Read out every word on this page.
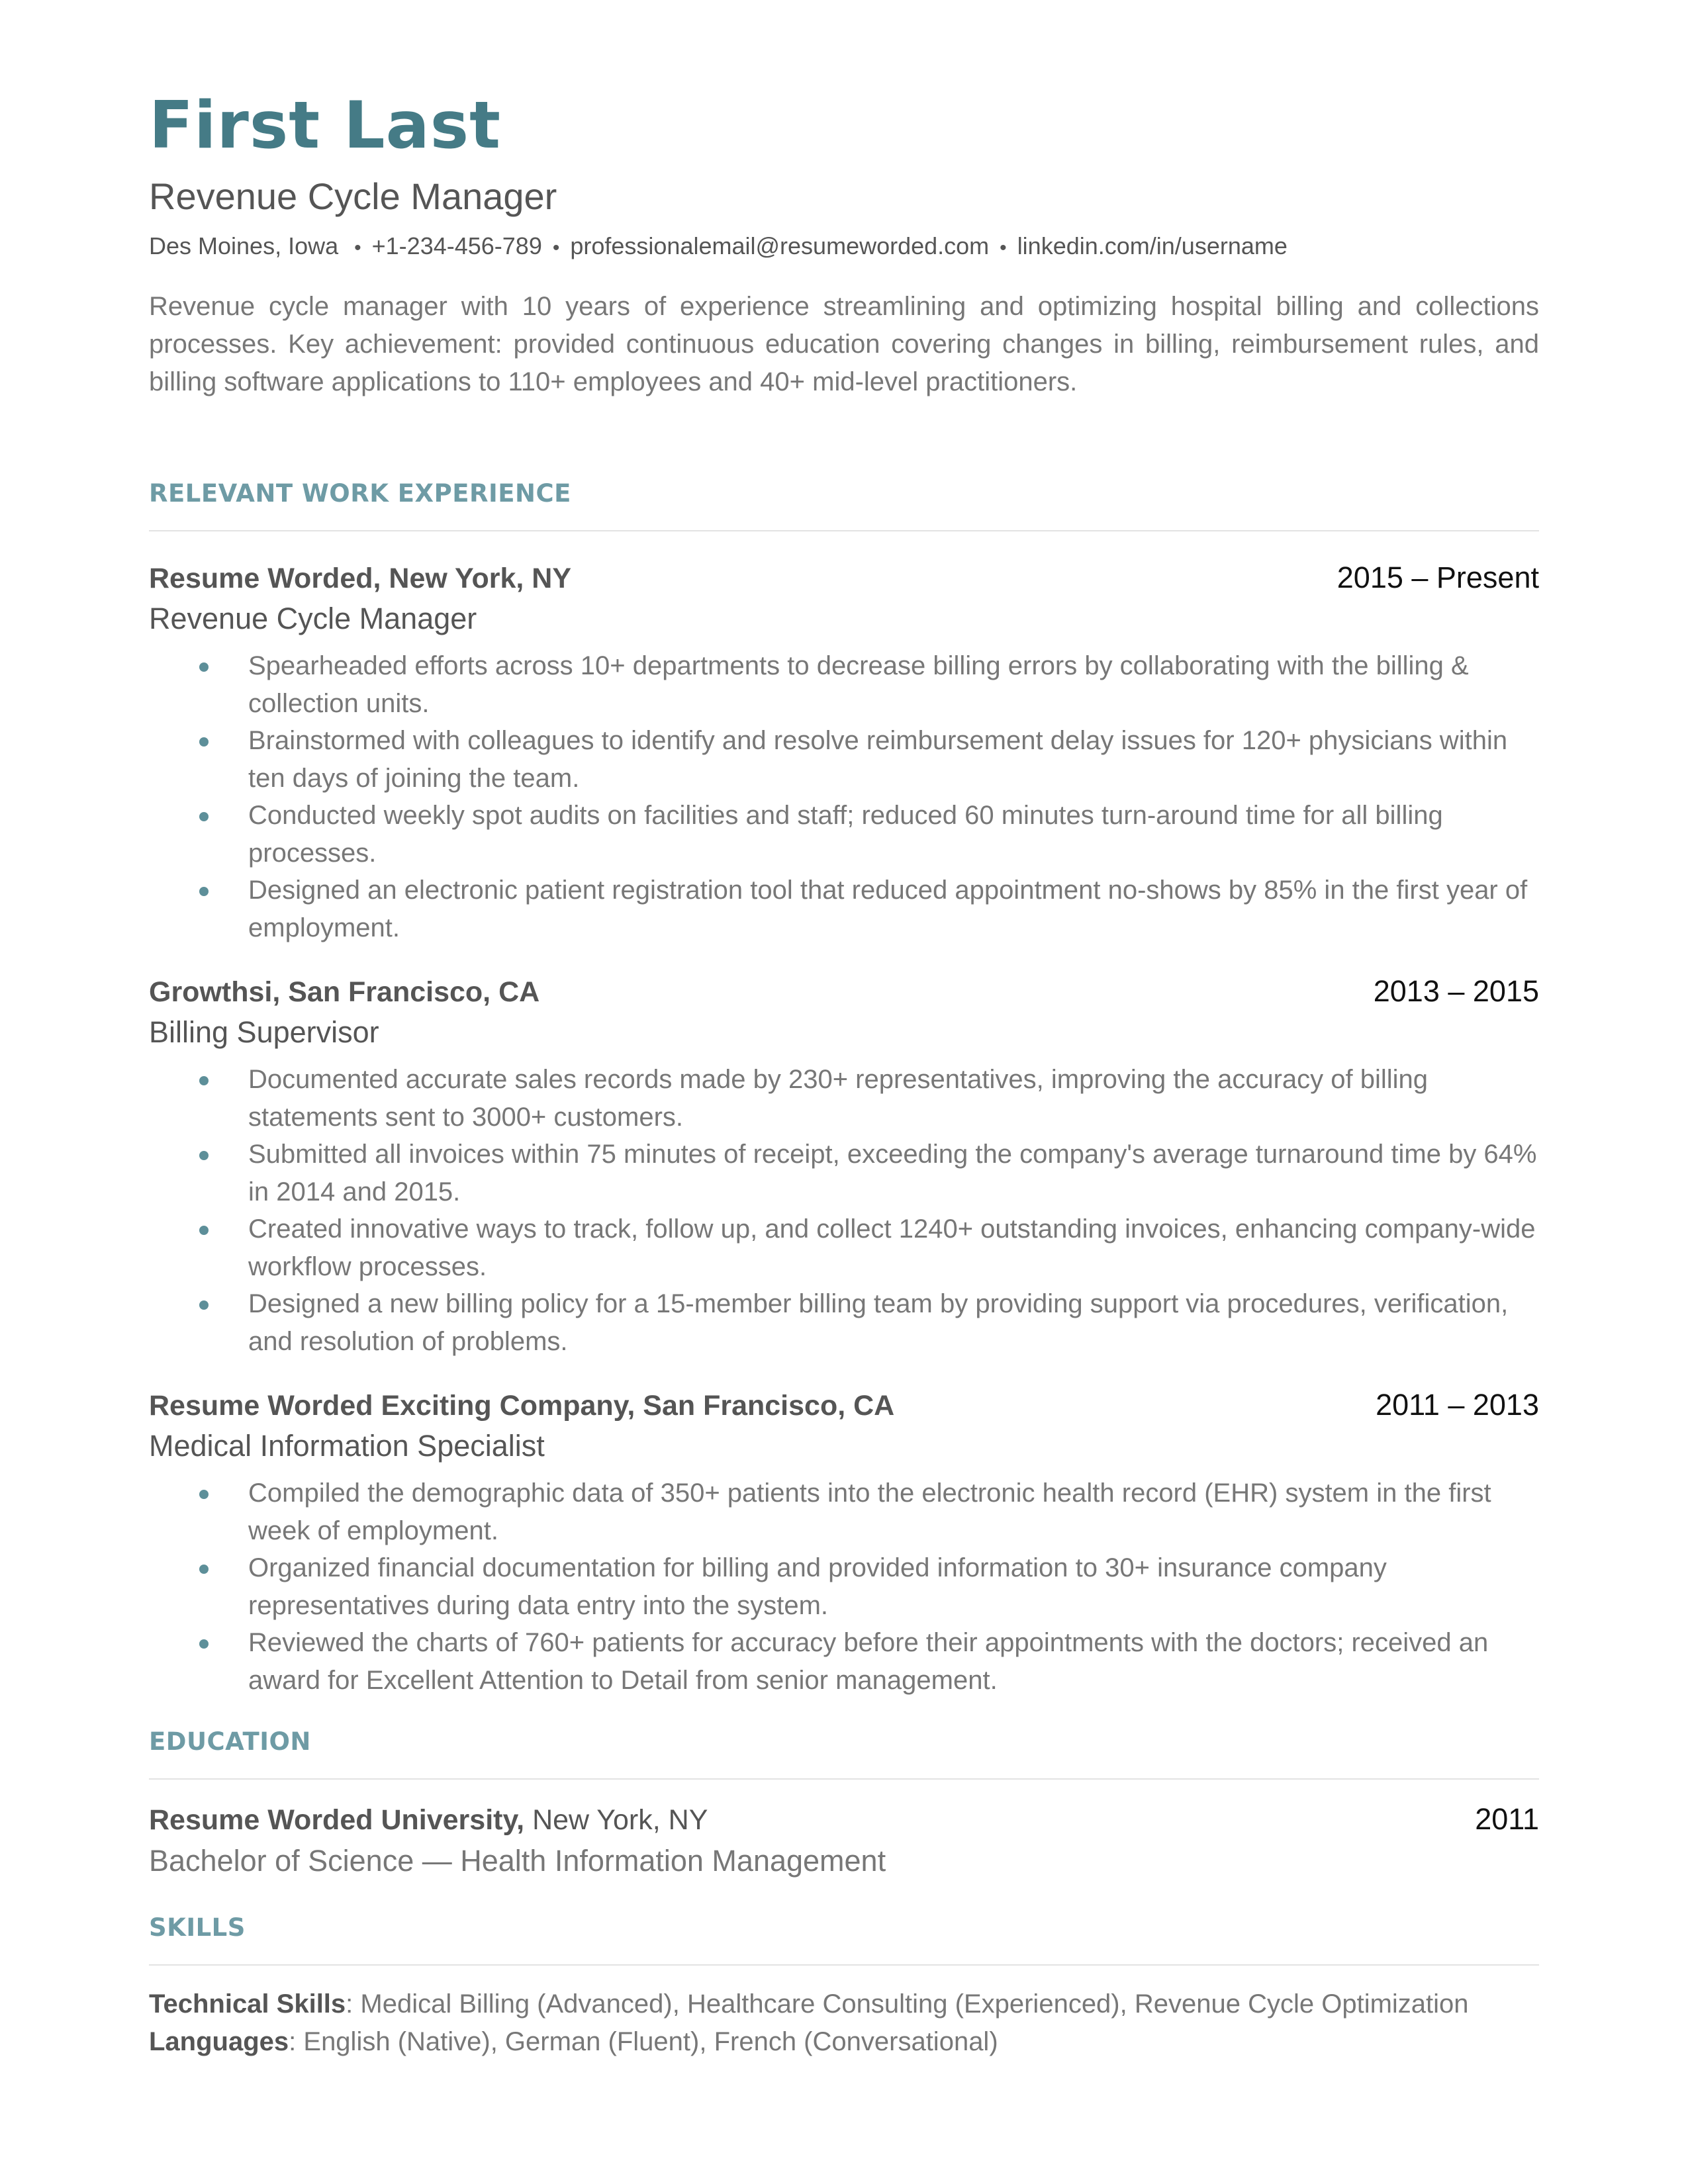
First Last
Revenue Cycle Manager
Des Moines, Iowa • +1-234-456-789 • professionalemail@resumeworded.com • linkedin.com/in/username
Revenue cycle manager with 10 years of experience streamlining and optimizing hospital billing and collections processes. Key achievement: provided continuous education covering changes in billing, reimbursement rules, and billing software applications to 110+ employees and 40+ mid-level practitioners.
RELEVANT WORK EXPERIENCE
Resume Worded, New York, NY	2015 – Present
Revenue Cycle Manager
Spearheaded efforts across 10+ departments to decrease billing errors by collaborating with the billing & collection units.
Brainstormed with colleagues to identify and resolve reimbursement delay issues for 120+ physicians within ten days of joining the team.
Conducted weekly spot audits on facilities and staff; reduced 60 minutes turn-around time for all billing processes.
Designed an electronic patient registration tool that reduced appointment no-shows by 85% in the first year of employment.
Growthsi, San Francisco, CA	2013 – 2015
Billing Supervisor
Documented accurate sales records made by 230+ representatives, improving the accuracy of billing statements sent to 3000+ customers.
Submitted all invoices within 75 minutes of receipt, exceeding the company's average turnaround time by 64% in 2014 and 2015.
Created innovative ways to track, follow up, and collect 1240+ outstanding invoices, enhancing company-wide workflow processes.
Designed a new billing policy for a 15-member billing team by providing support via procedures, verification, and resolution of problems.
Resume Worded Exciting Company, San Francisco, CA	2011 – 2013
Medical Information Specialist
Compiled the demographic data of 350+ patients into the electronic health record (EHR) system in the first week of employment.
Organized financial documentation for billing and provided information to 30+ insurance company representatives during data entry into the system.
Reviewed the charts of 760+ patients for accuracy before their appointments with the doctors; received an award for Excellent Attention to Detail from senior management.
EDUCATION
Resume Worded University, New York, NY	2011
Bachelor of Science — Health Information Management
SKILLS
Technical Skills: Medical Billing (Advanced), Healthcare Consulting (Experienced), Revenue Cycle Optimization
Languages: English (Native), German (Fluent), French (Conversational)
